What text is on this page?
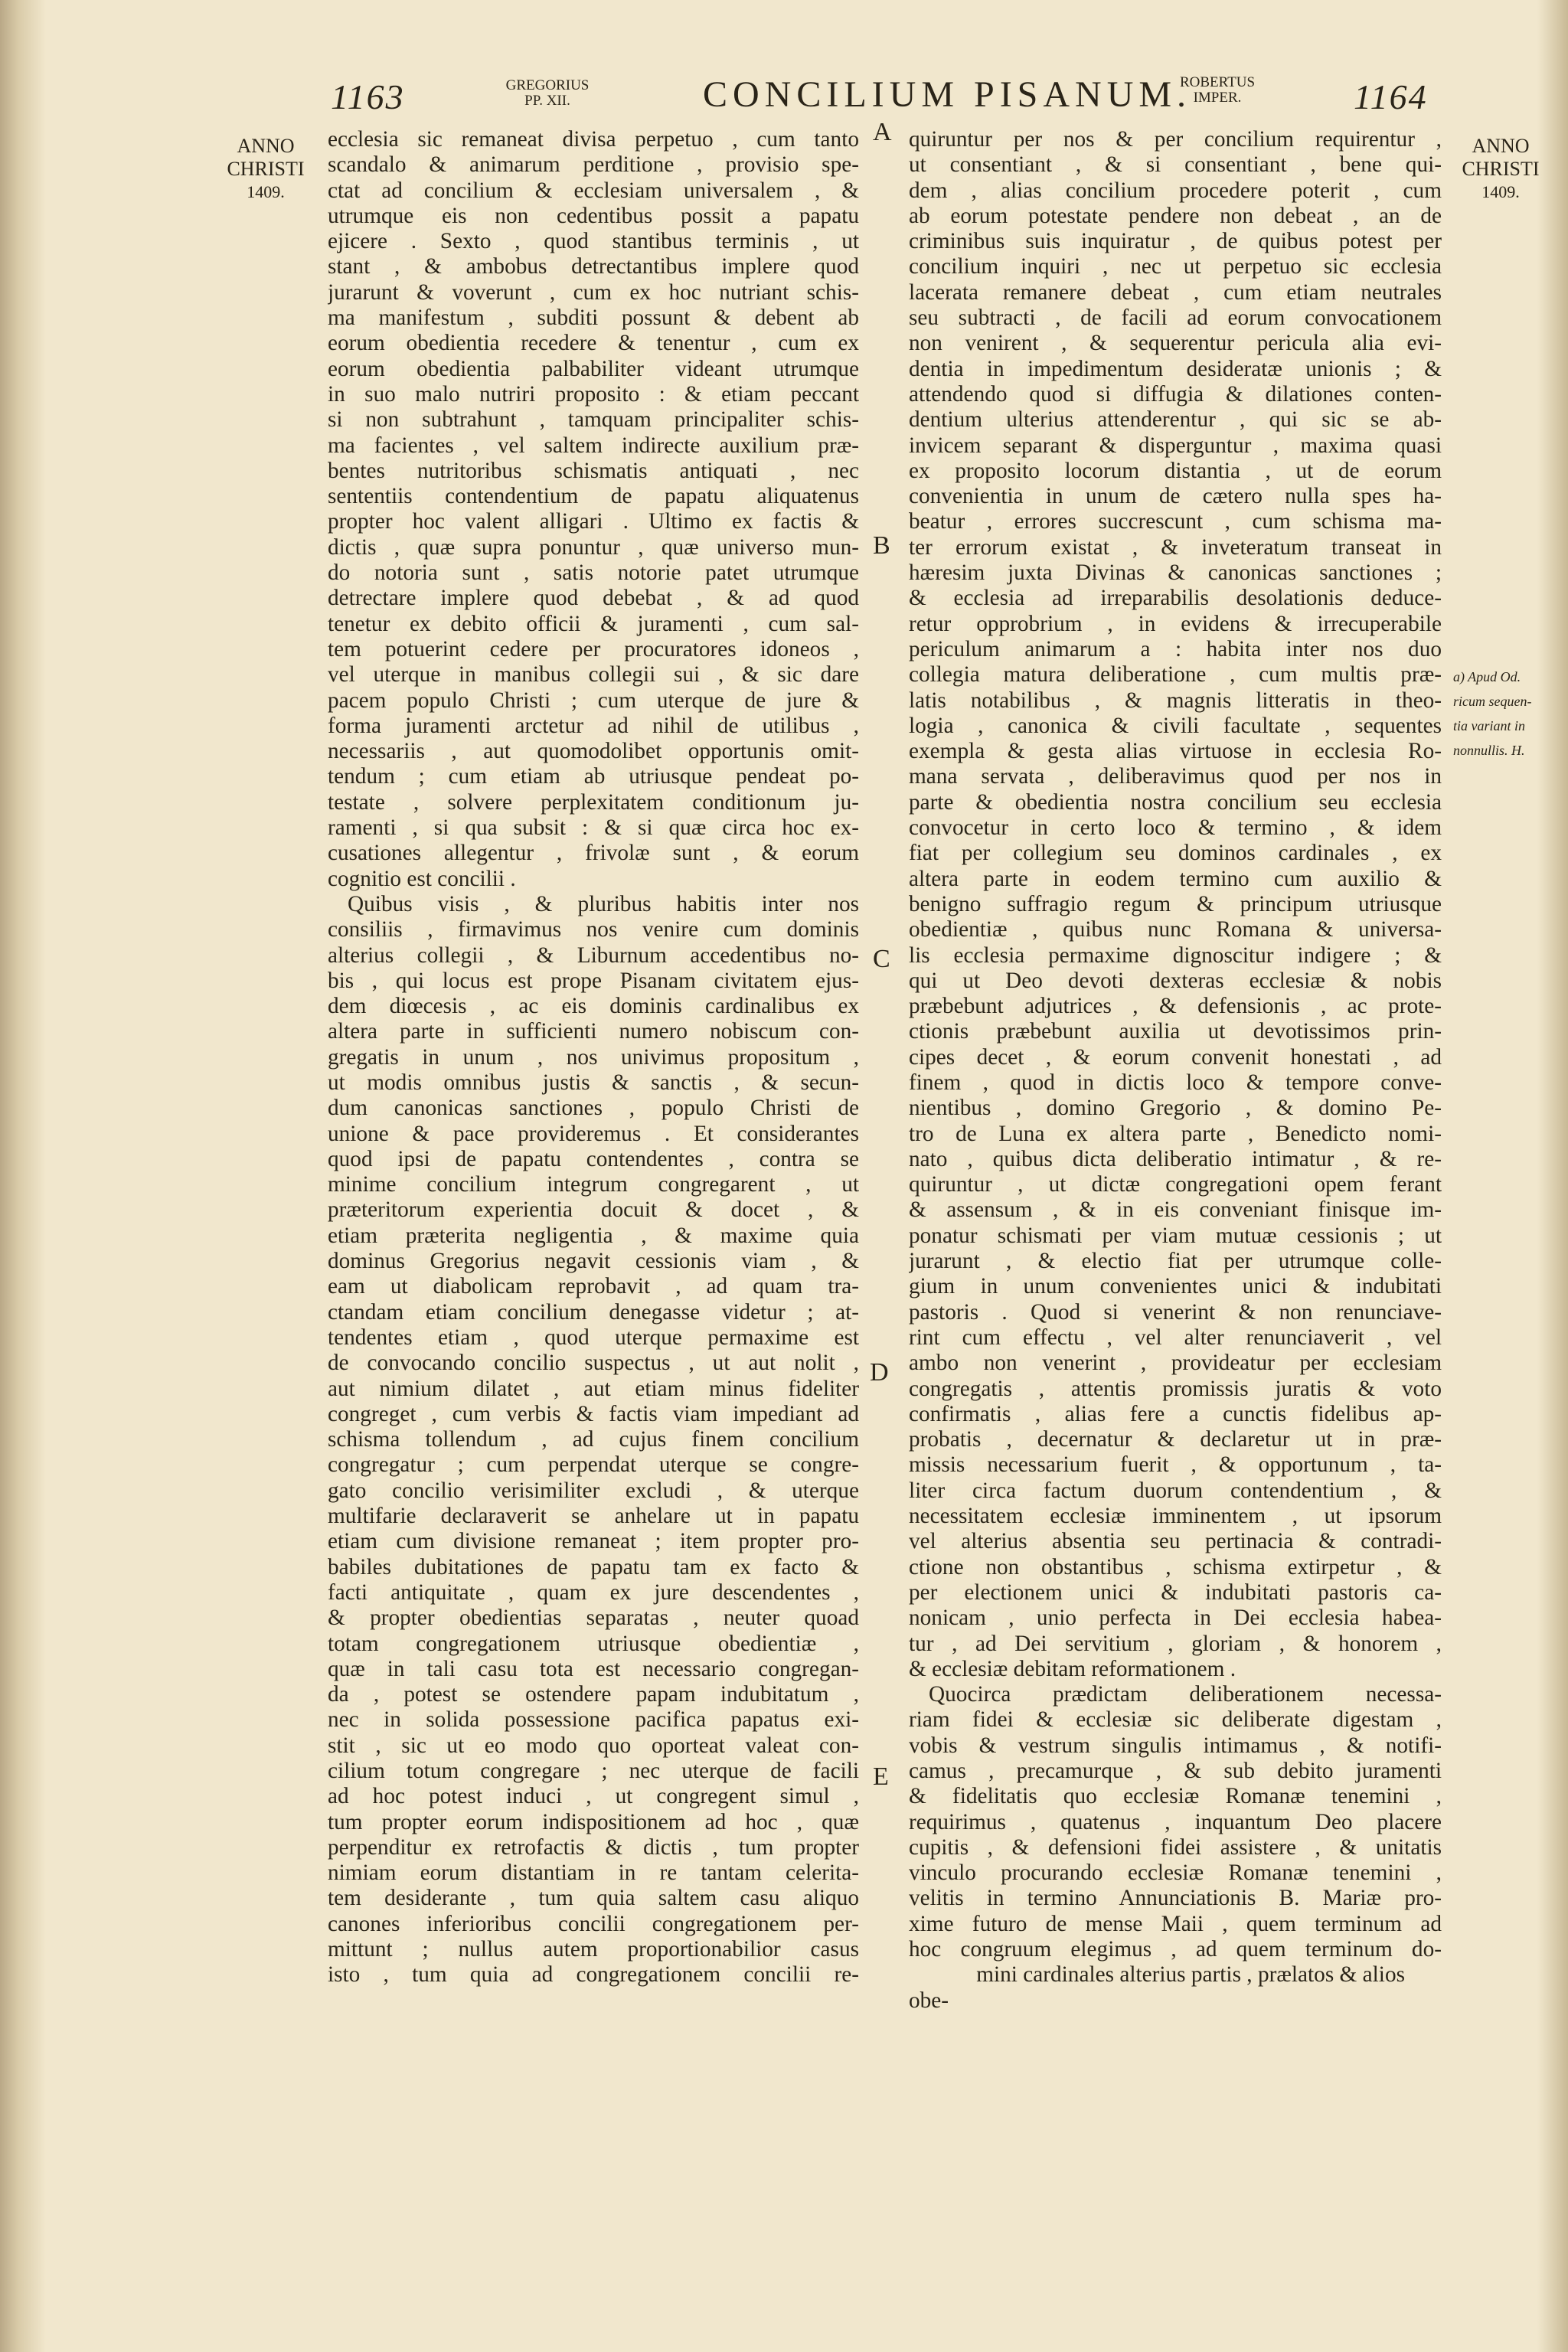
1163	GREGORIUS
PP. XII.	CONCILIUM PISANUM.
ROBERTUS
IMPER.	1164
ANNO
CHRISTI
1409.
ANNO
CHRISTI
1409.
A
B
C
D
E
a) Apud Od.
ricum sequen-
tia variant in
nonnullis. H.
ecclesia sic remaneat divisa perpetuo , cum tanto
scandalo & animarum perditione , provisio spe-
ctat ad concilium & ecclesiam universalem , &
utrumque eis non cedentibus possit a papatu
ejicere . Sexto , quod stantibus terminis , ut
stant , & ambobus detrectantibus implere quod
jurarunt & voverunt , cum ex hoc nutriant schis-
ma manifestum , subditi possunt & debent ab
eorum obedientia recedere & tenentur , cum ex
eorum obedientia palbabiliter videant utrumque
in suo malo nutriri proposito : & etiam peccant
si non subtrahunt , tamquam principaliter schis-
ma facientes , vel saltem indirecte auxilium præ-
bentes nutritoribus schismatis antiquati , nec
sententiis contendentium de papatu aliquatenus
propter hoc valent alligari . Ultimo ex factis &
dictis , quæ supra ponuntur , quæ universo mun-
do notoria sunt , satis notorie patet utrumque
detrectare implere quod debebat , & ad quod
tenetur ex debito officii & juramenti , cum sal-
tem potuerint cedere per procuratores idoneos ,
vel uterque in manibus collegii sui , & sic dare
pacem populo Christi ; cum uterque de jure &
forma juramenti arctetur ad nihil de utilibus ,
necessariis , aut quomodolibet opportunis omit-
tendum ; cum etiam ab utriusque pendeat po-
testate , solvere perplexitatem conditionum ju-
ramenti , si qua subsit : & si quæ circa hoc ex-
cusationes allegentur , frivolæ sunt , & eorum
cognitio est concilii .
Quibus visis , & pluribus habitis inter nos
consiliis , firmavimus nos venire cum dominis
alterius collegii , & Liburnum accedentibus no-
bis , qui locus est prope Pisanam civitatem ejus-
dem diœcesis , ac eis dominis cardinalibus ex
altera parte in sufficienti numero nobiscum con-
gregatis in unum , nos univimus propositum ,
ut modis omnibus justis & sanctis , & secun-
dum canonicas sanctiones , populo Christi de
unione & pace provideremus . Et considerantes
quod ipsi de papatu contendentes , contra se
minime concilium integrum congregarent , ut
præteritorum experientia docuit & docet , &
etiam præterita negligentia , & maxime quia
dominus Gregorius negavit cessionis viam , &
eam ut diabolicam reprobavit , ad quam tra-
ctandam etiam concilium denegasse videtur ; at-
tendentes etiam , quod uterque permaxime est
de convocando concilio suspectus , ut aut nolit ,
aut nimium dilatet , aut etiam minus fideliter
congreget , cum verbis & factis viam impediant ad
schisma tollendum , ad cujus finem concilium
congregatur ; cum perpendat uterque se congre-
gato concilio verisimiliter excludi , & uterque
multifarie declaraverit se anhelare ut in papatu
etiam cum divisione remaneat ; item propter pro-
babiles dubitationes de papatu tam ex facto &
facti antiquitate , quam ex jure descendentes ,
& propter obedientias separatas , neuter quoad
totam congregationem utriusque obedientiæ ,
quæ in tali casu tota est necessario congregan-
da , potest se ostendere papam indubitatum ,
nec in solida possessione pacifica papatus exi-
stit , sic ut eo modo quo oporteat valeat con-
cilium totum congregare ; nec uterque de facili
ad hoc potest induci , ut congregent simul ,
tum propter eorum indispositionem ad hoc , quæ
perpenditur ex retrofactis & dictis , tum propter
nimiam eorum distantiam in re tantam celerita-
tem desiderante , tum quia saltem casu aliquo
canones inferioribus concilii congregationem per-
mittunt ; nullus autem proportionabilior casus
isto , tum quia ad congregationem concilii re-
quiruntur per nos & per concilium requirentur ,
ut consentiant , & si consentiant , bene qui-
dem , alias concilium procedere poterit , cum
ab eorum potestate pendere non debeat , an de
criminibus suis inquiratur , de quibus potest per
concilium inquiri , nec ut perpetuo sic ecclesia
lacerata remanere debeat , cum etiam neutrales
seu subtracti , de facili ad eorum convocationem
non venirent , & sequerentur pericula alia evi-
dentia in impedimentum desideratæ unionis ; &
attendendo quod si diffugia & dilationes conten-
dentium ulterius attenderentur , qui sic se ab-
invicem separant & disperguntur , maxima quasi
ex proposito locorum distantia , ut de eorum
convenientia in unum de cætero nulla spes ha-
beatur , errores succrescunt , cum schisma ma-
ter errorum existat , & inveteratum transeat in
hæresim juxta Divinas & canonicas sanctiones ;
& ecclesia ad irreparabilis desolationis deduce-
retur opprobrium , in evidens & irrecuperabile
periculum animarum a : habita inter nos duo
collegia matura deliberatione , cum multis præ-
latis notabilibus , & magnis litteratis in theo-
logia , canonica & civili facultate , sequentes
exempla & gesta alias virtuose in ecclesia Ro-
mana servata , deliberavimus quod per nos in
parte & obedientia nostra concilium seu ecclesia
convocetur in certo loco & termino , & idem
fiat per collegium seu dominos cardinales , ex
altera parte in eodem termino cum auxilio &
benigno suffragio regum & principum utriusque
obedientiæ , quibus nunc Romana & universa-
lis ecclesia permaxime dignoscitur indigere ; &
qui ut Deo devoti dexteras ecclesiæ & nobis
præbebunt adjutrices , & defensionis , ac prote-
ctionis præbebunt auxilia ut devotissimos prin-
cipes decet , & eorum convenit honestati , ad
finem , quod in dictis loco & tempore conve-
nientibus , domino Gregorio , & domino Pe-
tro de Luna ex altera parte , Benedicto nomi-
nato , quibus dicta deliberatio intimatur , & re-
quiruntur , ut dictæ congregationi opem ferant
& assensum , & in eis conveniant finisque im-
ponatur schismati per viam mutuæ cessionis ; ut
jurarunt , & electio fiat per utrumque colle-
gium in unum convenientes unici & indubitati
pastoris . Quod si venerint & non renunciave-
rint cum effectu , vel alter renunciaverit , vel
ambo non venerint , provideatur per ecclesiam
congregatis , attentis promissis juratis & voto
confirmatis , alias fere a cunctis fidelibus ap-
probatis , decernatur & declaretur ut in præ-
missis necessarium fuerit , & opportunum , ta-
liter circa factum duorum contendentium , &
necessitatem ecclesiæ imminentem , ut ipsorum
vel alterius absentia seu pertinacia & contradi-
ctione non obstantibus , schisma extirpetur , &
per electionem unici & indubitati pastoris ca-
nonicam , unio perfecta in Dei ecclesia habea-
tur , ad Dei servitium , gloriam , & honorem ,
& ecclesiæ debitam reformationem .
Quocirca prædictam deliberationem necessa-
riam fidei & ecclesiæ sic deliberate digestam ,
vobis & vestrum singulis intimamus , & notifi-
camus , precamurque , & sub debito juramenti
& fidelitatis quo ecclesiæ Romanæ tenemini ,
requirimus , quatenus , inquantum Deo placere
cupitis , & defensioni fidei assistere , & unitatis
vinculo procurando ecclesiæ Romanæ tenemini ,
velitis in termino Annunciationis B. Mariæ pro-
xime futuro de mense Maii , quem terminum ad
hoc congruum elegimus , ad quem terminum do-
mini cardinales alterius partis , prælatos & alios
obe-
